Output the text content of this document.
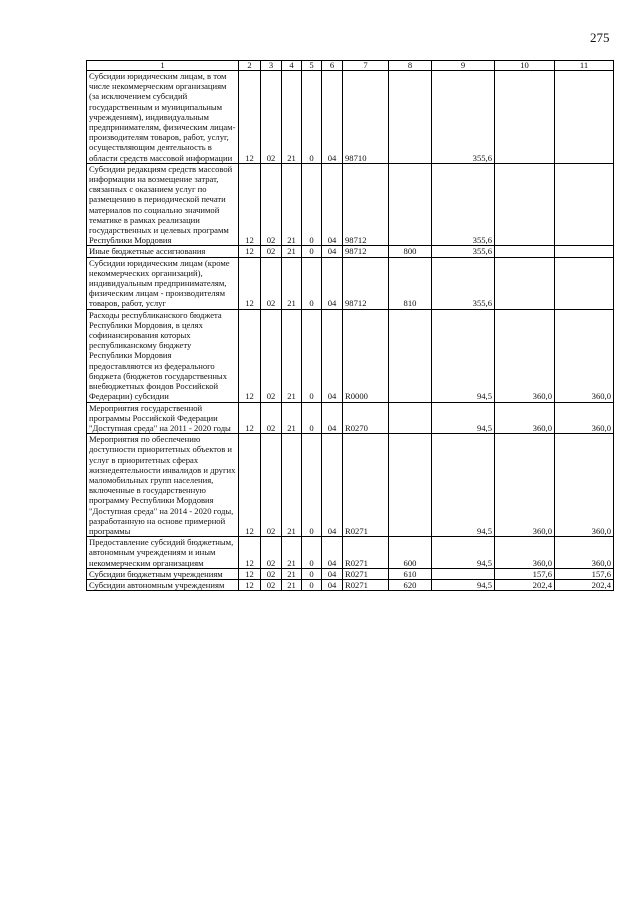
275
1	2	3	4	5	6	7	8	9	10	11
Субсидии юридическим лицам, в том числе некоммерческим организациям (за исключением субсидий государственным и муниципальным учреждениям), индивидуальным предпринимателям, физическим лицам-производителям товаров, работ, услуг, осуществляющим деятельность в области средств массовой информации	12	02	21	0	04	98710		355,6		
Субсидии редакциям средств массовой информации на возмещение затрат, связанных с оказанием услуг по размещению в периодической печати материалов по социально значимой тематике в рамках реализации государственных и целевых программ Республики Мордовия	12	02	21	0	04	98712		355,6		
Иные бюджетные ассигнования	12	02	21	0	04	98712	800	355,6		
Субсидии юридическим лицам (кроме некоммерческих организаций), индивидуальным предпринимателям, физическим лицам - производителям товаров, работ, услуг	12	02	21	0	04	98712	810	355,6		
Расходы республиканского бюджета Республики Мордовия, в целях софинансирования которых республиканскому бюджету Республики Мордовия предоставляются из федерального бюджета (бюджетов государственных внебюджетных фондов Российской Федерации) субсидии	12	02	21	0	04	R0000		94,5	360,0	360,0
Мероприятия государственной программы Российской Федерации "Доступная среда" на 2011 - 2020 годы	12	02	21	0	04	R0270		94,5	360,0	360,0
Мероприятия по обеспечению доступности приоритетных объектов и услуг в приоритетных сферах жизнедеятельности инвалидов и других маломобильных групп населения, включенные в государственную программу Республики Мордовия "Доступная среда" на 2014 - 2020 годы, разработанную на основе примерной программы	12	02	21	0	04	R0271		94,5	360,0	360,0
Предоставление субсидий бюджетным, автономным учреждениям и иным некоммерческим организациям	12	02	21	0	04	R0271	600	94,5	360,0	360,0
Субсидии бюджетным учреждениям	12	02	21	0	04	R0271	610		157,6	157,6
Субсидии автономным учреждениям	12	02	21	0	04	R0271	620	94,5	202,4	202,4
